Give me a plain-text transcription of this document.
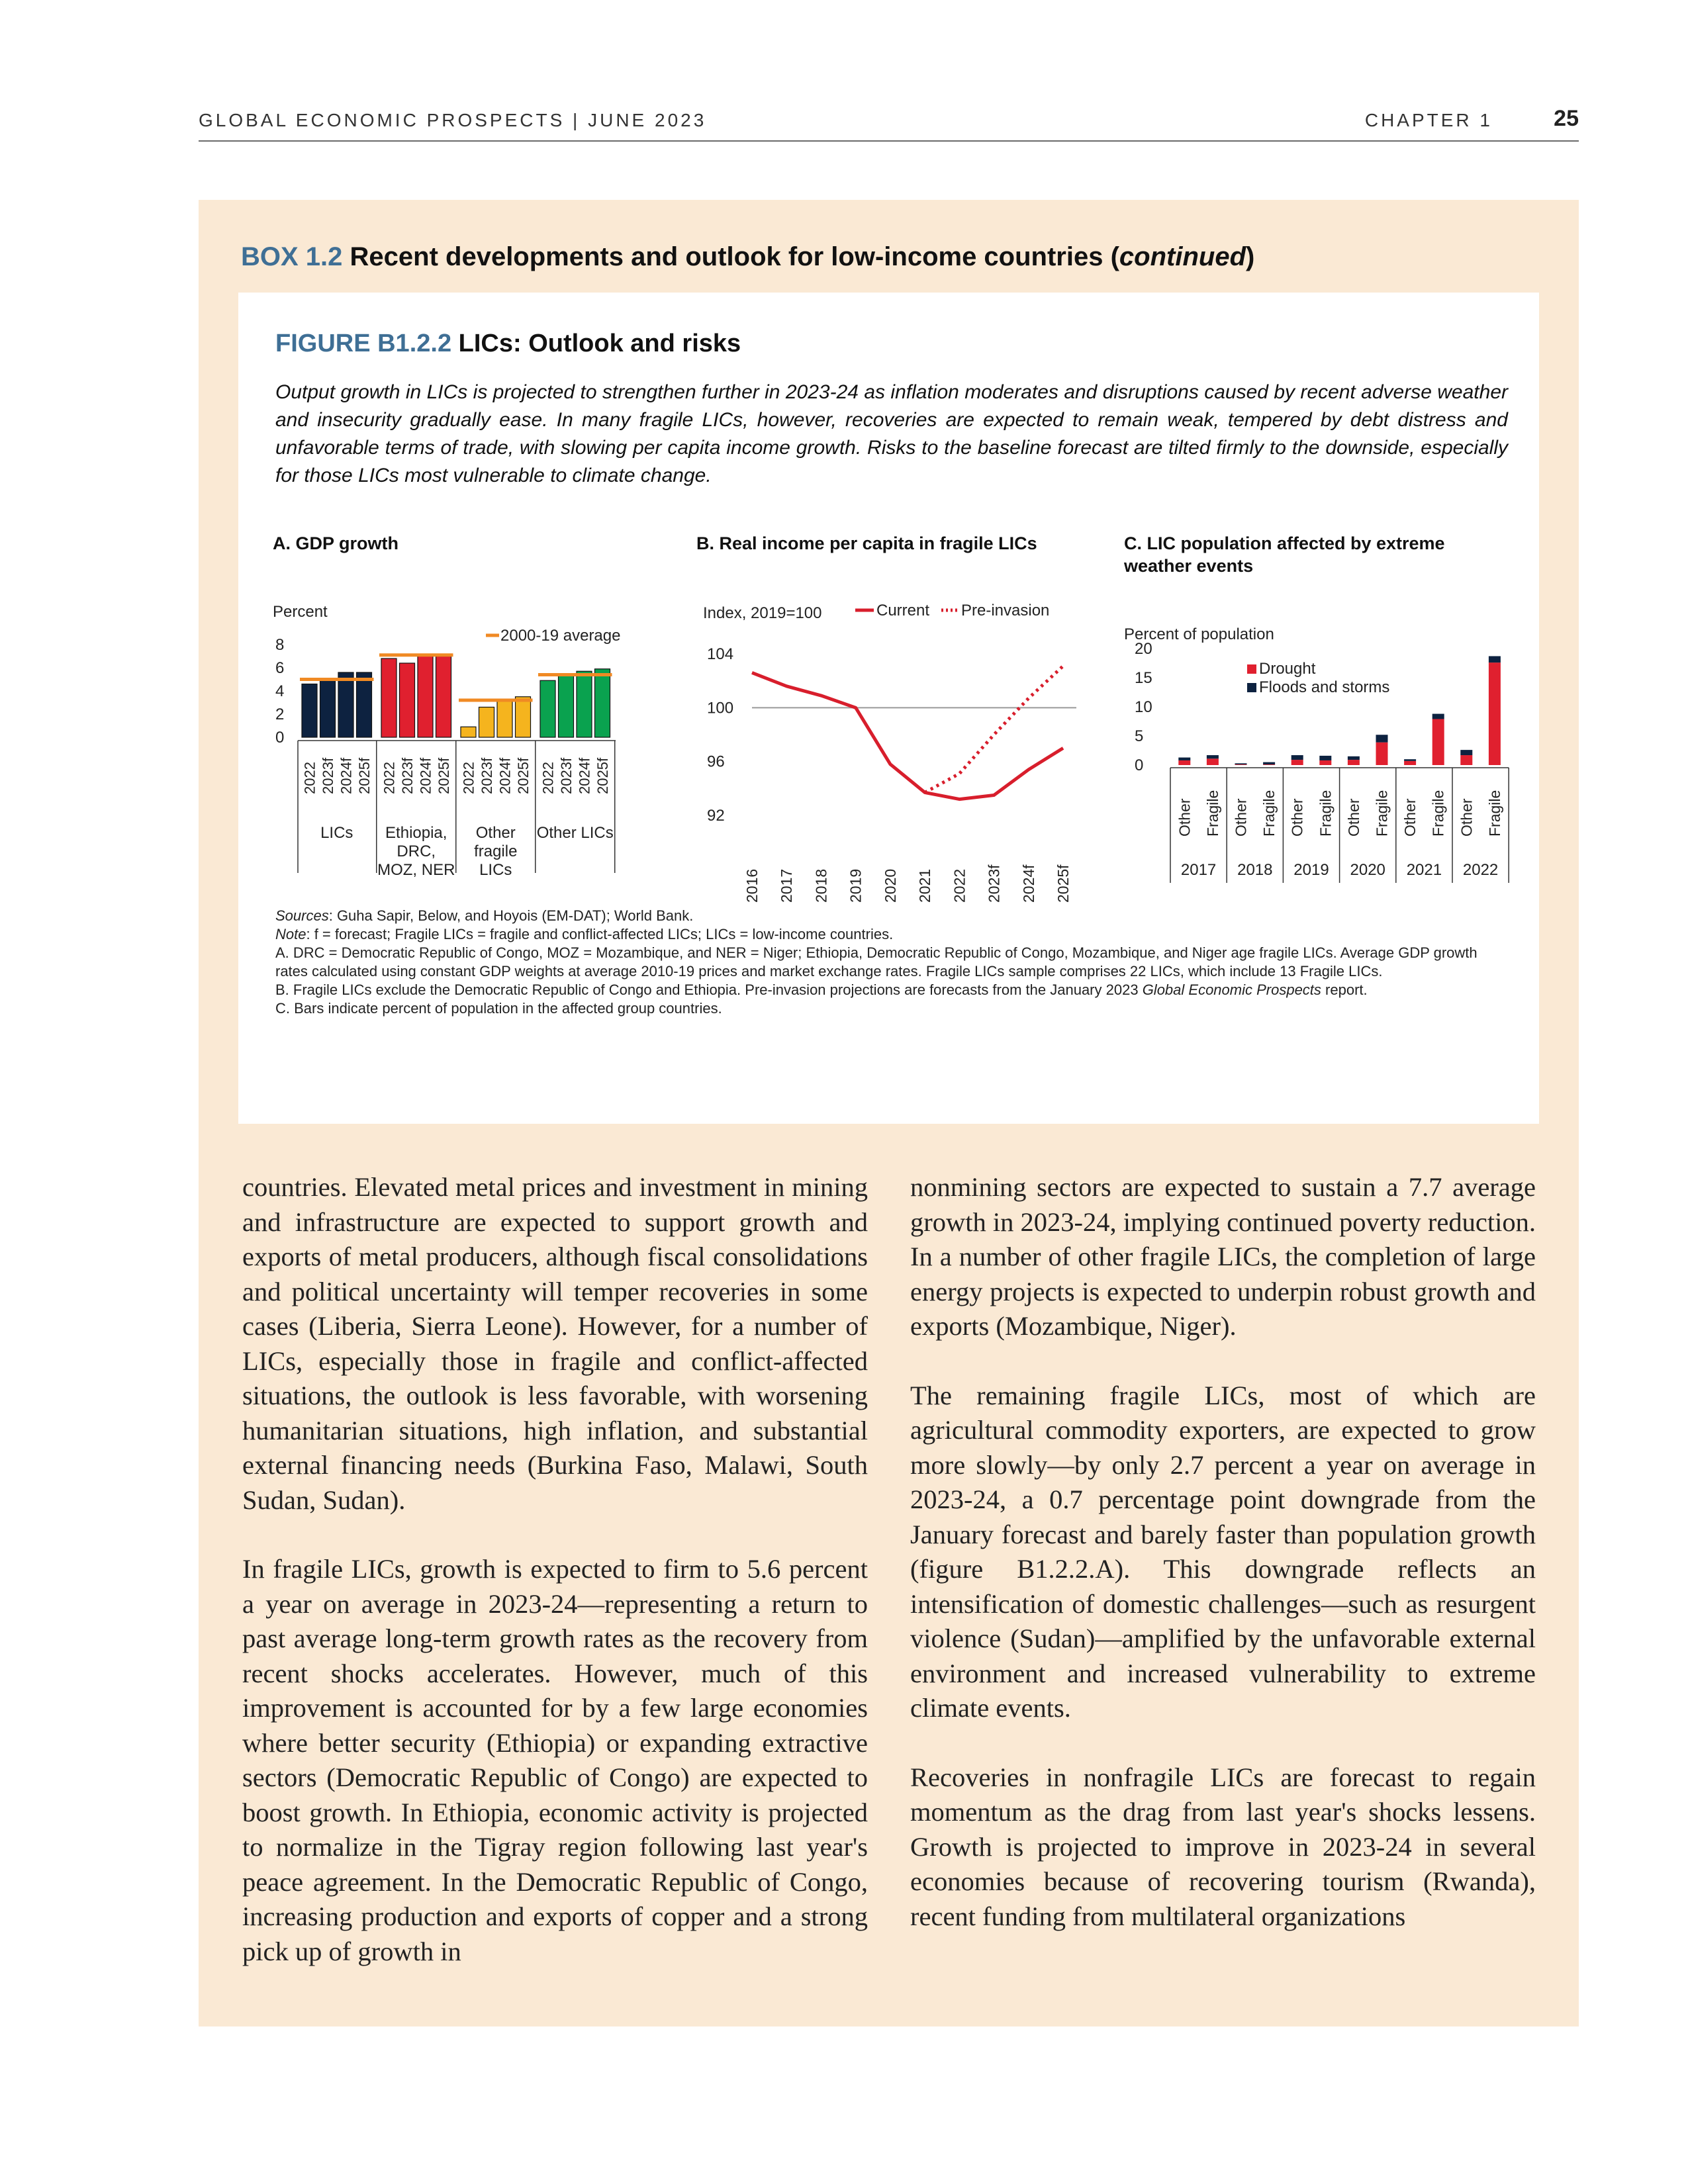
GLOBAL ECONOMIC PROSPECTS | JUNE 2023	CHAPTER 1	25
BOX 1.2 Recent developments and outlook for low-income countries (continued)
FIGURE B1.2.2 LICs: Outlook and risks
Output growth in LICs is projected to strengthen further in 2023-24 as inflation moderates and disruptions caused by recent adverse weather and insecurity gradually ease. In many fragile LICs, however, recoveries are expected to remain weak, tempered by debt distress and unfavorable terms of trade, with slowing per capita income growth. Risks to the baseline forecast are tilted firmly to the downside, especially for those LICs most vulnerable to climate change.
A. GDP growth
Percent
0
2
4
6
8
2000-19 average
2022 2023f 2024f 2025f
LICs
2022 2023f 2024f 2025f
Ethiopia,
DRC,
MOZ, NER
2022 2023f 2024f 2025f
Other
fragile
LICs
2022 2023f 2024f 2025f
Other LICs
B. Real income per capita in fragile LICs
Index, 2019=100
92
96
100
104
Current Pre-invasion
2016 2017 2018 2019 2020 2021 2022 2023f 2024f 2025f
C. LIC population affected by extreme
weather events
Percent of population
0
5
10
15
20
Drought
Floods and storms
Other Fragile
2017
Other Fragile
2018
Other Fragile
2019
Other Fragile
2020
Other Fragile
2021
Other Fragile
2022

Sources: Guha Sapir, Below, and Hoyois (EM-DAT); World Bank.

Note: f = forecast; Fragile LICs = fragile and conflict-affected LICs; LICs = low-income countries.

A. DRC = Democratic Republic of Congo, MOZ = Mozambique, and NER = Niger; Ethiopia, Democratic Republic of Congo, Mozambique, and Niger age fragile LICs. Average GDP growth rates calculated using constant GDP weights at average 2010-19 prices and market exchange rates. Fragile LICs sample comprises 22 LICs, which include 13 Fragile LICs.

B. Fragile LICs exclude the Democratic Republic of Congo and Ethiopia. Pre-invasion projections are forecasts from the January 2023 Global Economic Prospects report.

C. Bars indicate percent of population in the affected group countries.

countries. Elevated metal prices and investment in mining and infrastructure are expected to support growth and exports of metal producers, although fiscal consolidations and political uncertainty will temper recoveries in some cases (Liberia, Sierra Leone). However, for a number of LICs, especially those in fragile and conflict-affected situations, the outlook is less favorable, with worsening humanitarian situations, high inflation, and substantial external financing needs (Burkina Faso, Malawi, South Sudan, Sudan).

In fragile LICs, growth is expected to firm to 5.6 percent a year on average in 2023-24—representing a return to past average long-term growth rates as the recovery from recent shocks accelerates. However, much of this improvement is accounted for by a few large economies where better security (Ethiopia) or expanding extractive sectors (Democratic Republic of Congo) are expected to boost growth. In Ethiopia, economic activity is projected to normalize in the Tigray region following last year's peace agreement. In the Democratic Republic of Congo, increasing production and exports of copper and a strong pick up of growth in

nonmining sectors are expected to sustain a 7.7 average growth in 2023-24, implying continued poverty reduction. In a number of other fragile LICs, the completion of large energy projects is expected to underpin robust growth and exports (Mozambique, Niger).

The remaining fragile LICs, most of which are agricultural commodity exporters, are expected to grow more slowly—by only 2.7 percent a year on average in 2023-24, a 0.7 percentage point downgrade from the January forecast and barely faster than population growth (figure B1.2.2.A). This downgrade reflects an intensification of domestic challenges—such as resurgent violence (Sudan)—amplified by the unfavorable external environment and increased vulnerability to extreme climate events.

Recoveries in nonfragile LICs are forecast to regain momentum as the drag from last year's shocks lessens. Growth is projected to improve in 2023-24 in several economies because of recovering tourism (Rwanda), recent funding from multilateral organizations
